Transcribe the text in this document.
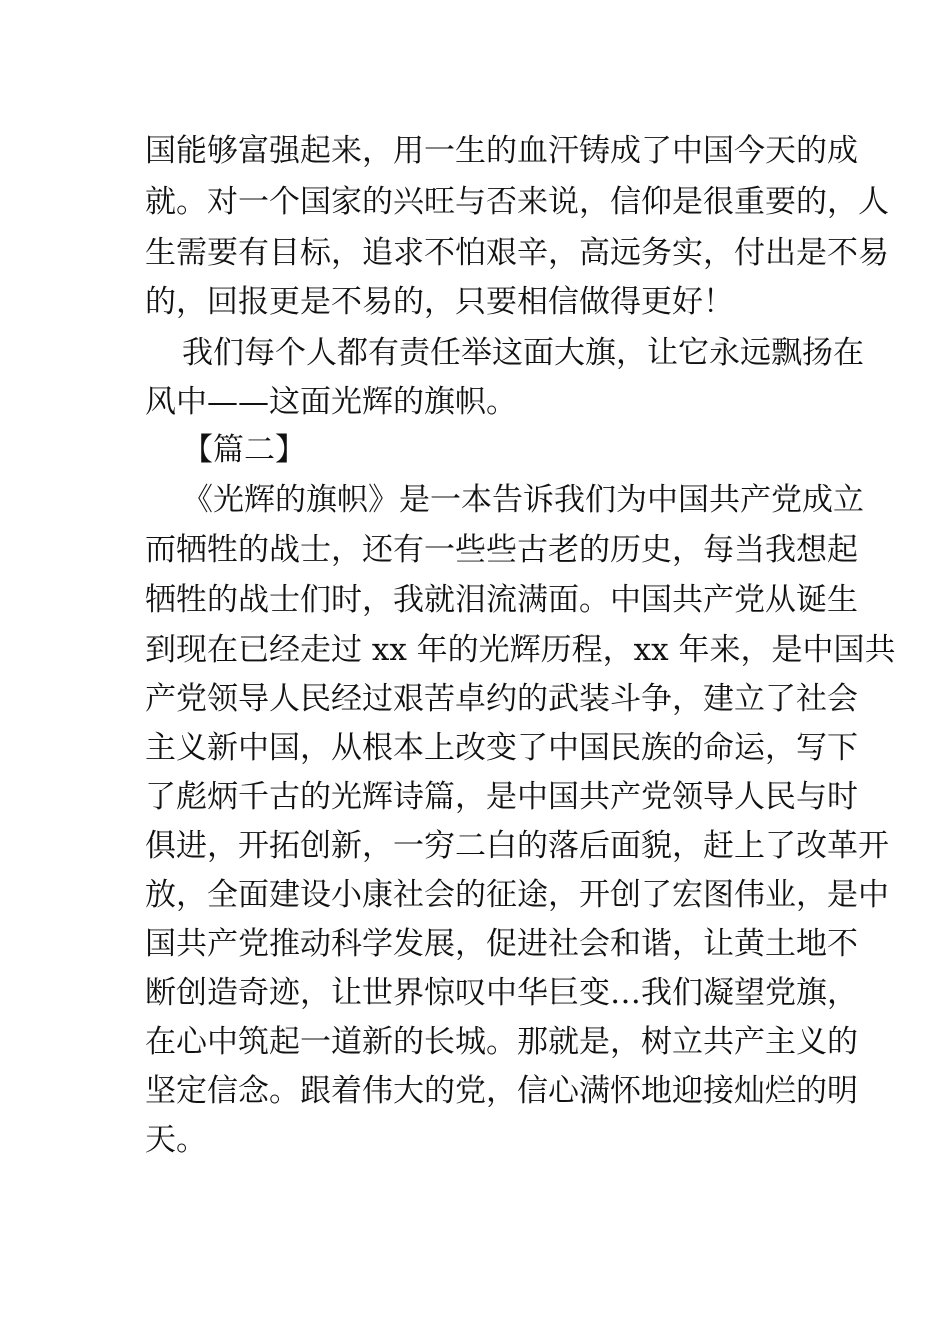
国能够富强起来，用一生的血汗铸成了中国今天的成
就。对一个国家的兴旺与否来说，信仰是很重要的，人
生需要有目标，追求不怕艰辛，高远务实，付出是不易
的，回报更是不易的，只要相信做得更好！
我们每个人都有责任举这面大旗，让它永远飘扬在
风中——这面光辉的旗帜。
【篇二】
《光辉的旗帜》是一本告诉我们为中国共产党成立
而牺牲的战士，还有一些些古老的历史，每当我想起
牺牲的战士们时，我就泪流满面。中国共产党从诞生
到现在已经走过 xx 年的光辉历程，xx 年来，是中国共
产党领导人民经过艰苦卓约的武装斗争，建立了社会
主义新中国，从根本上改变了中国民族的命运，写下
了彪炳千古的光辉诗篇，是中国共产党领导人民与时
俱进，开拓创新，一穷二白的落后面貌，赶上了改革开
放，全面建设小康社会的征途，开创了宏图伟业，是中
国共产党推动科学发展，促进社会和谐，让黄土地不
断创造奇迹，让世界惊叹中华巨变…我们凝望党旗，
在心中筑起一道新的长城。那就是，树立共产主义的
坚定信念。跟着伟大的党，信心满怀地迎接灿烂的明
天。
